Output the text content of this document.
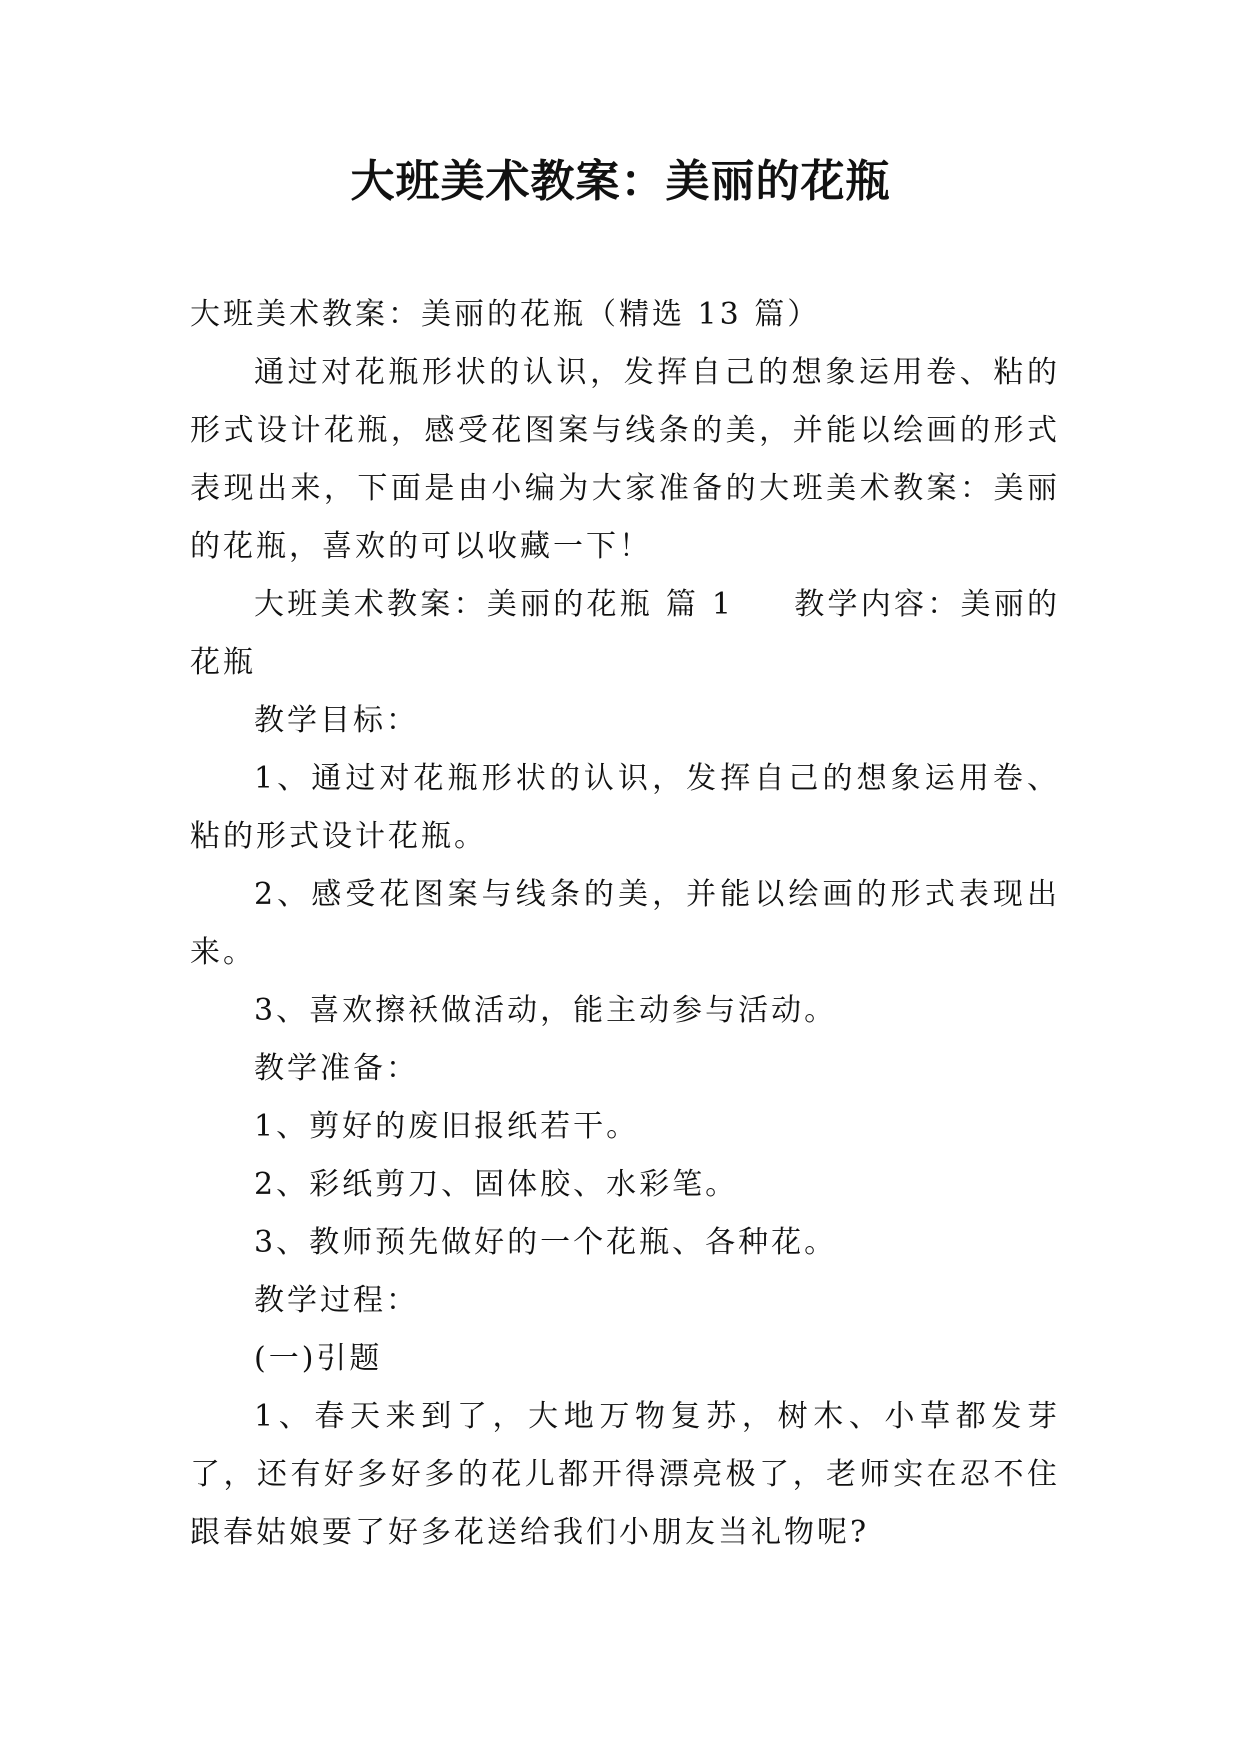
大班美术教案：美丽的花瓶

大班美术教案：美丽的花瓶（精选 13 篇）

通过对花瓶形状的认识，发挥自己的想象运用卷、粘的形式设计花瓶，感受花图案与线条的美，并能以绘画的形式表现出来，下面是由小编为大家准备的大班美术教案：美丽的花瓶，喜欢的可以收藏一下！

大班美术教案：美丽的花瓶 篇 1 教学内容：美丽的花瓶

教学目标：

1、通过对花瓶形状的认识，发挥自己的想象运用卷、粘的形式设计花瓶。

2、感受花图案与线条的美，并能以绘画的形式表现出来。

3、喜欢擦袄做活动，能主动参与活动。

教学准备：

1、剪好的废旧报纸若干。

2、彩纸剪刀、固体胶、水彩笔。

3、教师预先做好的一个花瓶、各种花。

教学过程：

(一)引题

1、春天来到了，大地万物复苏，树木、小草都发芽了，还有好多好多的花儿都开得漂亮极了，老师实在忍不住跟春姑娘要了好多花送给我们小朋友当礼物呢?
